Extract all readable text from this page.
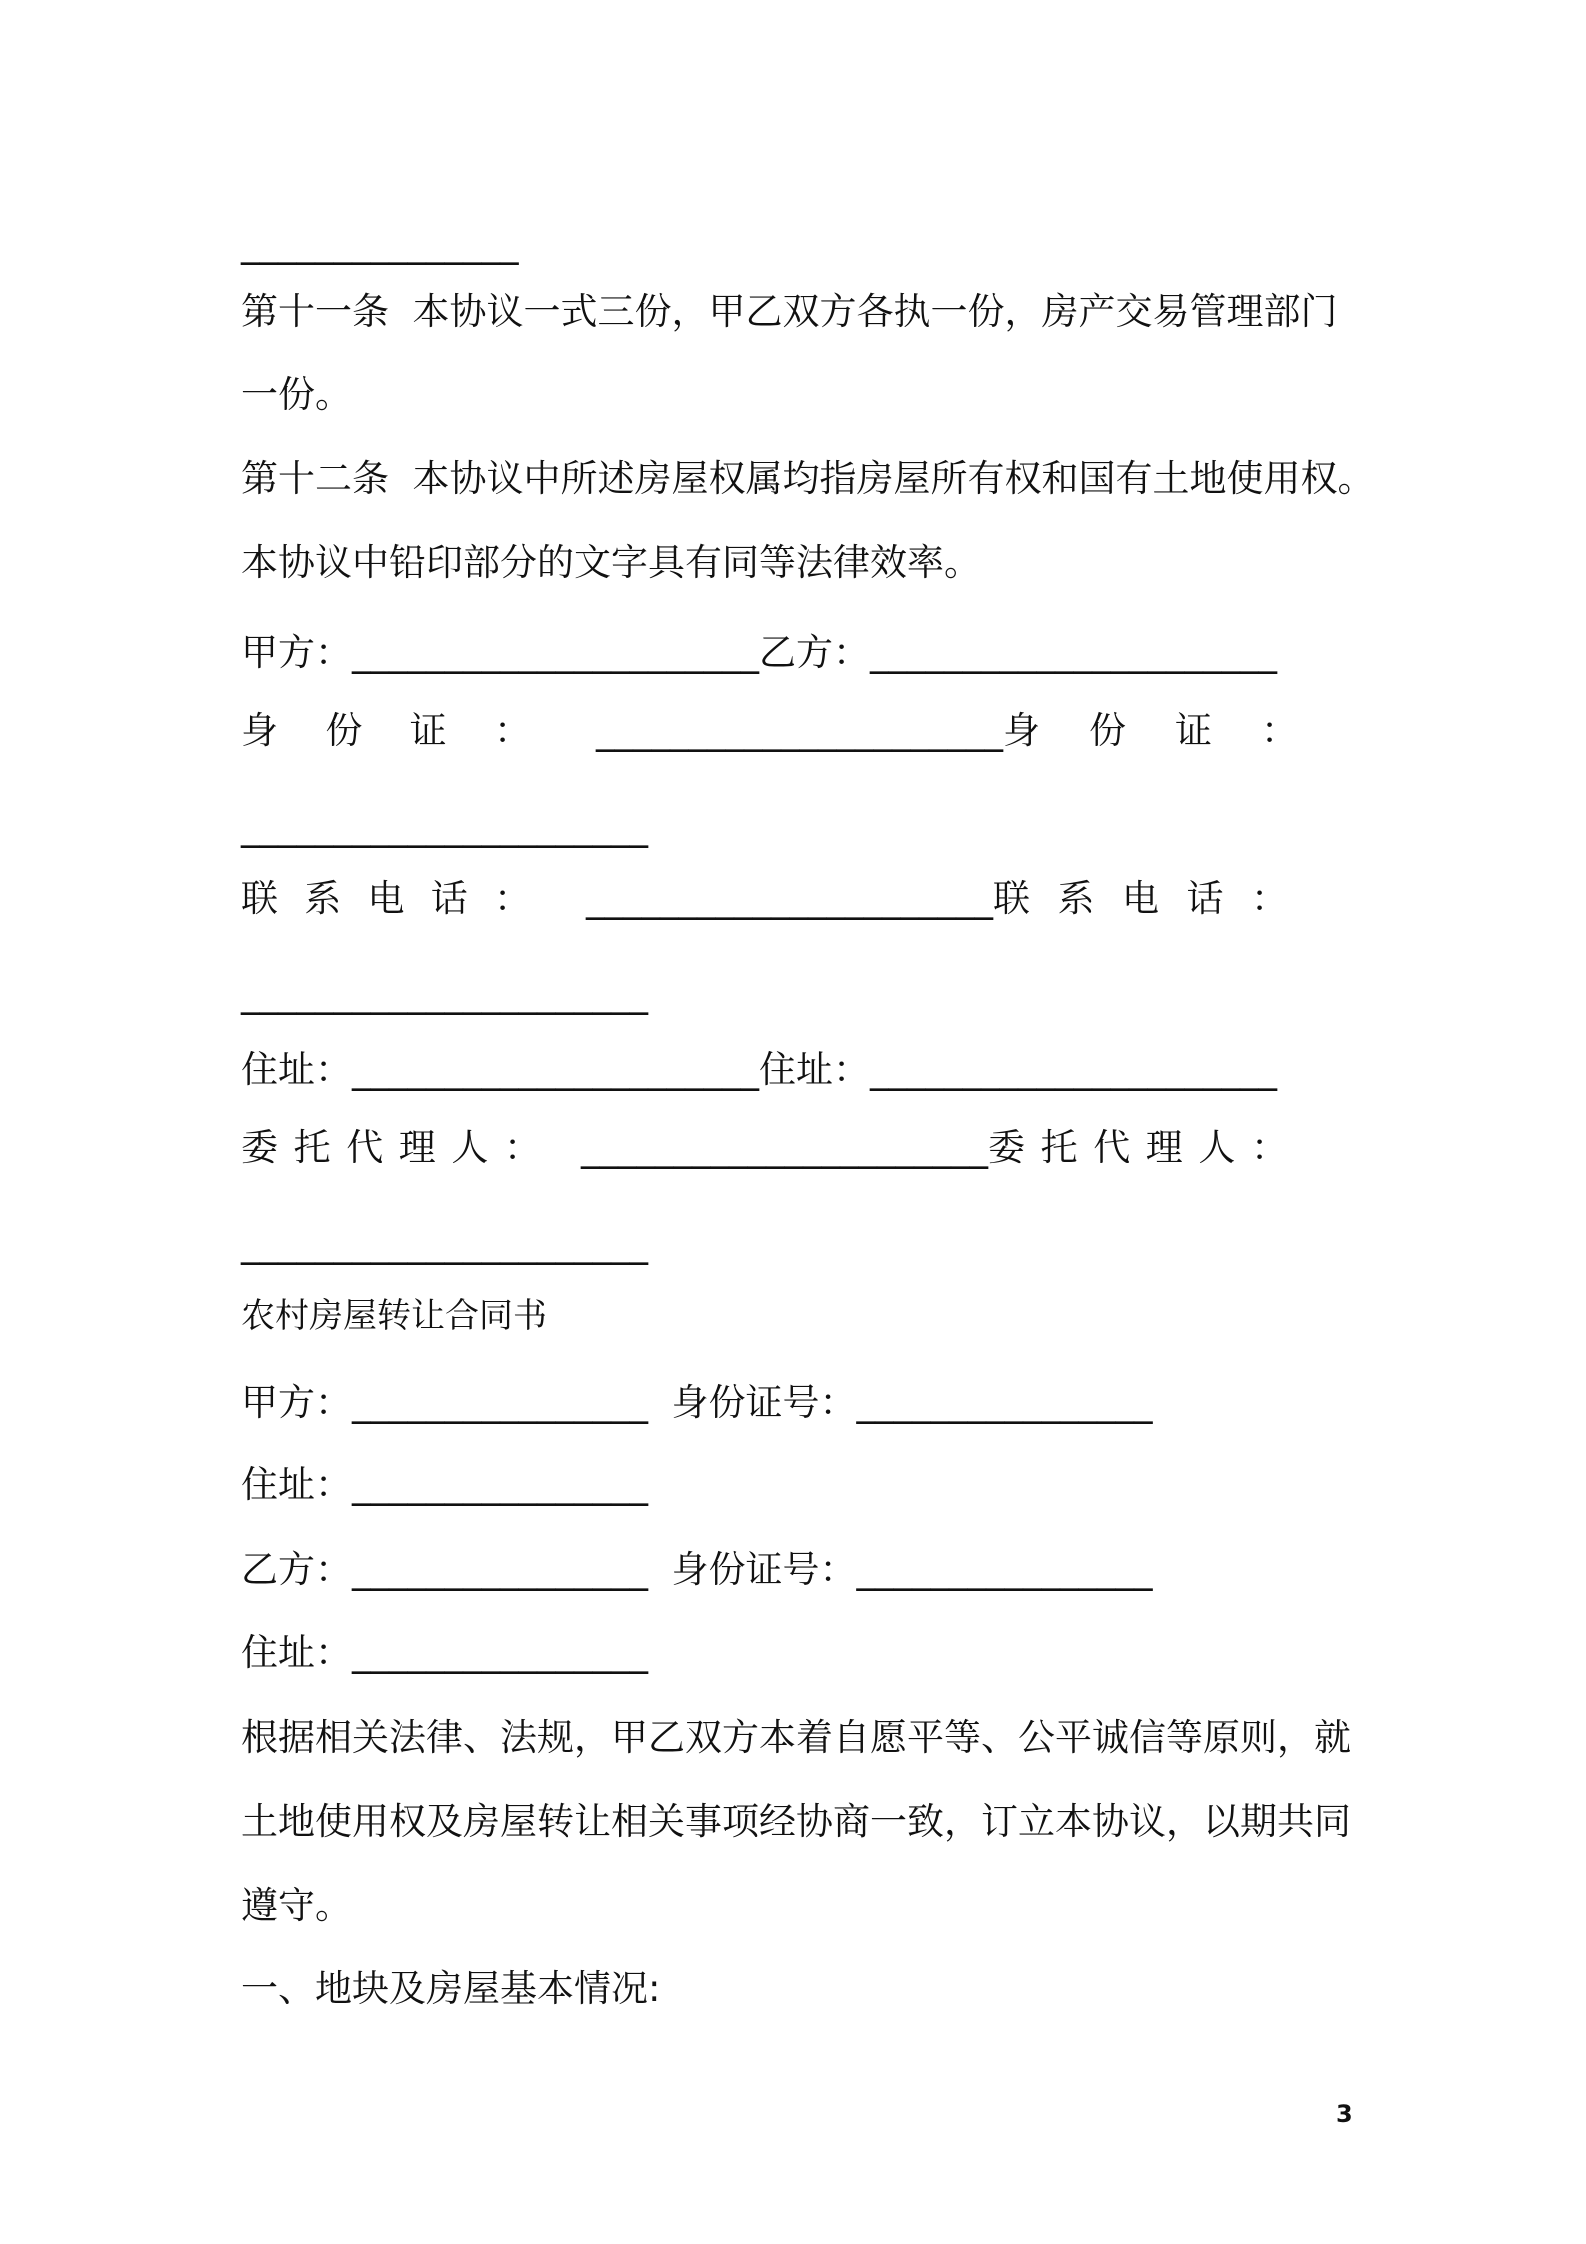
_______________

第十一条  本协议一式三份，甲乙双方各执一份，房产交易管理部门

一份。

第十二条  本协议中所述房屋权属均指房屋所有权和国有土地使用权。

本协议中铅印部分的文字具有同等法律效率。

甲方：______________________乙方：______________________

身 份 证 ： ______________________ 身 份 证 ：

______________________

联 系 电 话 ： ______________________ 联 系 电 话 ：

______________________

住址：______________________住址：______________________

委 托 代 理 人 ： ______________________ 委 托 代 理 人 ：

______________________

农村房屋转让合同书

甲方：________________  身份证号：________________

住址：________________

乙方：________________  身份证号：________________

住址：________________

根据相关法律、法规，甲乙双方本着自愿平等、公平诚信等原则，就

土地使用权及房屋转让相关事项经协商一致，订立本协议，以期共同

遵守。

一、地块及房屋基本情况:

3
